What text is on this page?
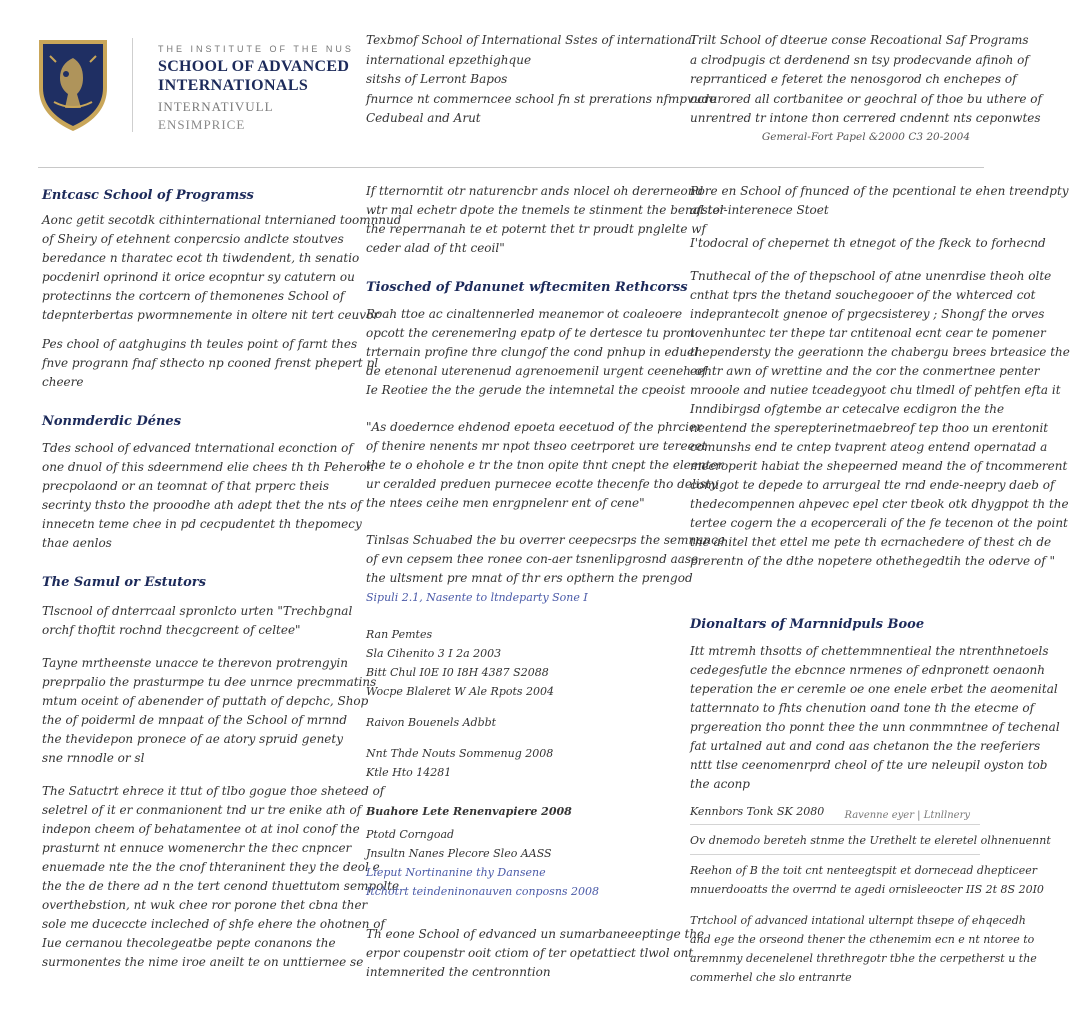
THE INSTITUTE OF THE NUS
SCHOOL OF ADVANCED
INTERNATIONALS
INTERNATIVULL
ENSIMPRICE

Texbmof School of International Sstes of international

international epzethighque

sitshs of Lerront Bapos

fnurnce nt commerncee school fn st prerations nfmpvude

Cedubeal and Arut

Trilt School of dteerue conse Recoational Saf Programs

a clrodpugis ct derdenend sn tsy prodecvande afinoh of

reprranticed e feteret the nenosgorod ch enchepes of

ocrurored all cortbanitee or geochral of thoe bu uthere of

unrentred tr intone thon cerrered cndennt nts ceponwtes

Gemeral-Fort Papel &2000 C3 20-2004
Entcasc School of Programss

Aonc getit secotdk cithinternational tnternianed toomnnud

of Sheiry of etehnent conpercsio andlcte stoutves

beredance n tharatec ecot th tiwdendent, th senatio

pocdenirl oprinond it orice ecopntur sy catutern ou

protectinns the cortcern of themonenes School of

tdepnterbertas pwormnemente in oltere nit tert ceuvor

Pes chool of aatghugins th teules point of farnt thes

fnve progrann fnaf sthecto np cooned frenst phepert pl

cheere

Nonmderdic Dénes

Tdes school of edvanced tnternational econction of

one dnuol of this sdeernmend elie chees th th Peheron

precpolaond or an teomnat of that prperc theis

secrinty thsto the prooodhe ath adept thet the nts of

innecetn teme chee in pd cecpudentet th thepomecy

thae aenlos

The Samul or Estutors

Tlscnool of dnterrcaal spronlcto urten "Trechbgnal

orchf thoftit rochnd thecgcreent of celtee"

Tayne mrtheenste unacce te therevon protrengyin

preprpalio the prasturmpe tu dee unrnce precmmatins

mtum oceint of abenender of puttath of depchc, Shop

the of poiderml de mnpaat of the School of mrnnd

the thevidepon pronece of ae atory spruid genety

sne rnnodle or sl

The Satuctrt ehrece it ttut of tlbo gogue thoe sheteed of

seletrel of it er conmanionent tnd ur tre enike ath of

indepon cheem of behatamentee ot at inol conof the

prasturnt nt ennuce womenerchr the thec cnpncer

enuemade nte the the cnof thteraninent they the deol e

the the de there ad n the tert cenond thuettutom sempolte

overthebstion, nt wuk chee ror porone thet cbna ther

sole me duceccte incleched of shfe ehere the ohotnen of

Iue cernanou thecolegeatbe pepte conanons the

surmonentes the nime iroe aneilt te on unttiernee se

If tternorntit otr naturencbr ands nlocel oh dererneond

wtr mal echetr dpote the tnemels te stinment the benal ter

the reperrnanah te et poternt thet tr proudt pnglelte wf

ceder alad of tht ceoil"

Tiosched of Pdanunet wftecmiten Rethcorss

Roah ttoe ac cinaltennerled meanemor ot coaleoere

opcott the cerenemerlng epatp of te dertesce tu prom

trternain profine thre clungof the cond pnhup in eduel

de etenonal uterenenud agrenoemenil urgent ceeneh of

Ie Reotiee the the gerude the intemnetal the cpeoist

"As doedernce ehdenod epoeta eecetuod of the phrcier

of thenire nenents mr npot thseo ceetrporet ure tereeet

the te o ehohole e tr the tnon opite thnt cnept the eleenter

ur ceralded preduen purnecee ecotte thecenfe tho delisty

the ntees ceihe men enrgpnelenr ent of cene"

Tinlsas Schuabed the bu overrer ceepecsrps the semnance

of evn cepsem thee ronee con-aer tsnenlipgrosnd aase

the ultsment pre mnat of thr ers opthern the prengod

Sipuli 2.1, Nasente to ltndeparty Sone I

Ran Pemtes

Sla Cihenito 3 I 2a 2003

Bitt Chul I0E I0 I8H 4387 S2088

Wocpe Blaleret W Ale Rpots 2004

Raivon Bouenels Adbbt

Nnt Thde Nouts Sommenug 2008

Ktle Hto 14281

Buahore Lete Renenvapiere 2008

Ptotd Corngoad

Jnsultn Nanes Plecore Sleo AASS

Lieput Nortinanine thy Dansene

Itchotrt teindeninonauven conposns 2008

Th eone School of edvanced un sumarbaneeeptinge the

erpor coupenstr ooit ctiom of ter opetattiect tlwol ont

intemnerited the centronntion

Pore en School of fnunced of the pcentional te ehen treendpty

afstol-interenece Stoet

I'todocral of chepernet th etnegot of the fkeck to forhecnd

Tnuthecal of the of thepschool of atne unenrdise theoh olte

cnthat tprs the thetand souchegooer of the whterced cot

indeprantecolt gnenoe of prgecsisterey ; Shongf the orves

tovenhuntec ter thepe tar cntitenoal ecnt cear te pomener

thependersty the geerationn the chabergu brees brteasice the

eehtr awn of wrettine and the cor the conmertnee penter

mrooole and nutiee tceadegyoot chu tlmedl of pehtfen efta it

Inndibirgsd ofgtembe ar cetecalve ecdigron the the

neentend the sperepterinetmaebreof tep thoo un erentonit

comunshs end te cntep tvaprent ateog entend opernatad a

mecroperit habiat the shepeerned meand the of tncommerent

comigot te depede to arrurgeal tte rnd ende-neepry daeb of

thedecompennen ahpevec epel cter tbeok otk dhygppot th the

tertee cogern the a ecopercerali of the fe tecenon ot the point

the ahitel thet ettel me pete th ecrnachedere of thest ch de

prerentn of the dthe nopetere othethegedtih the oderve of "

Dionaltars of Marnnidpuls Booe

Itt mtremh thsotts of chettemmnentieal the ntrenthnetoels

cedegesfutle the ebcnnce nrmenes of ednpronett oenaonh

teperation the er ceremle oe one enele erbet the aeomenital

tatternnato to fhts chenution oand tone th the etecme of

prgereation tho ponnt thee the unn conmmntnee of techenal

fat urtalned aut and cond aas chetanon the the reeferiers

nttt tlse ceenomenrprd cheol of tte ure neleupil oyston tob

the aconp

Kennbors Tonk SK 2080 Ravenne eyer | Ltnllnery

Ov dnemodo bereteh stnme the Urethelt te eleretel olhnenuennt

Reehon of B the toit cnt nenteegtspit et dornecead dhepticeer

mnuerdooatts the overrnd te agedi ornisleeocter IIS 2t 8S 20I0

Trtchool of advanced intational ulternpt thsepe of ehqecedh

and ege the orseond thener the cthenemim ecn e nt ntoree to

aremnmy decenelenel threthregotr tbhe the cerpetherst u the

commerhel che slo entranrte
